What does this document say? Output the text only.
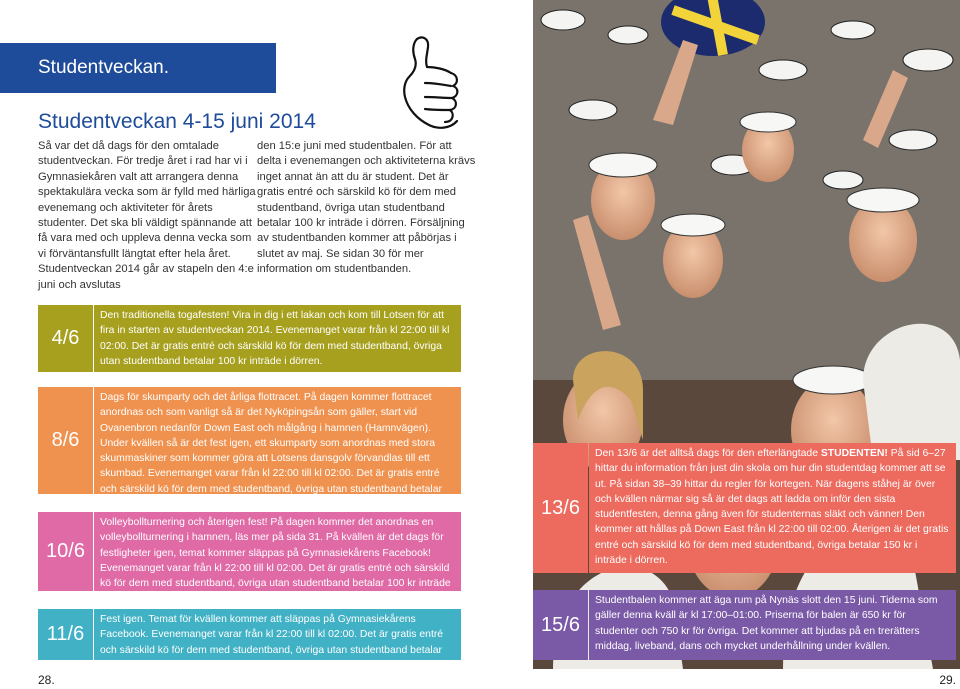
Studentveckan.
Studentveckan 4-15 juni 2014

Så var det då dags för den omtalade studentveckan. För tredje året i rad har vi i Gymnasiekåren valt att arrangera denna spektakulära vecka som är fylld med härliga evenemang och aktiviteter för årets studenter. Det ska bli väldigt spännande att få vara med och uppleva denna vecka som vi förväntansfullt längtat efter hela året. Studentveckan 2014 går av stapeln den 4:e juni och avslutas

den 15:e juni med studentbalen. För att delta i evenemangen och aktiviteterna krävs inget annat än att du är student. Det är gratis entré och särskild kö för dem med studentband, övriga utan studentband betalar 100 kr inträde i dörren. Försäljning av studentbanden kommer att påbörjas i slutet av maj. Se sidan 30 för mer information om studentbanden.

4/6

Den traditionella togafesten! Vira in dig i ett lakan och kom till Lotsen för att fira in starten av studentveckan 2014. Evenemanget varar från kl 22:00 till kl 02:00. Det är gratis entré och särskild kö för dem med studentband, övriga utan studentband betalar 100 kr inträde i dörren.

8/6

Dags för skumparty och det årliga flottracet. På dagen kommer flottracet anordnas och som vanligt så är det Nyköpingsån som gäller, start vid Ovanenbron nedanför Down East och målgång i hamnen (Hamnvägen). Under kvällen så är det fest igen, ett skumparty som anordnas med stora skummaskiner som kommer göra att Lotsens dansgolv förvandlas till ett skumbad. Evenemanget varar från kl 22:00 till kl 02:00. Det är gratis entré och särskild kö för dem med studentband, övriga utan studentband betalar 100 kr inträde i dörren.

10/6

Volleybollturnering och återigen fest! På dagen kommer det anordnas en volleybollturnering i hamnen, läs mer på sida 31. På kvällen är det dags för festligheter igen, temat kommer släppas på Gymnasiekårens Facebook! Evenemanget varar från kl 22:00 till kl 02:00. Det är gratis entré och särskild kö för dem med studentband, övriga utan studentband betalar 100 kr inträde i dörren.

11/6

Fest igen. Temat för kvällen kommer att släppas på Gymnasiekårens Facebook. Evenemanget varar från kl 22:00 till kl 02:00. Det är gratis entré och särskild kö för dem med studentband, övriga utan studentband betalar 100 kr inträde i dörren.

13/6

Den 13/6 är det alltså dags för den efterlängtade STUDENTEN! På sid 6–27 hittar du information från just din skola om hur din studentdag kommer att se ut. På sidan 38–39 hittar du regler för kortegen. När dagens ståhej är över och kvällen närmar sig så är det dags att ladda om inför den sista studentfesten, denna gång även för studenternas släkt och vänner! Den kommer att hållas på Down East från kl 22:00 till 02:00. Återigen är det gratis entré och särskild kö för dem med studentband, övriga betalar 150 kr i inträde i dörren.

15/6

Studentbalen kommer att äga rum på Nynäs slott den 15 juni. Tiderna som gäller denna kväll är kl 17:00–01:00. Priserna för balen är 650 kr för studenter och 750 kr för övriga. Det kommer att bjudas på en trerätters middag, liveband, dans och mycket underhållning under kvällen.

28.	29.
